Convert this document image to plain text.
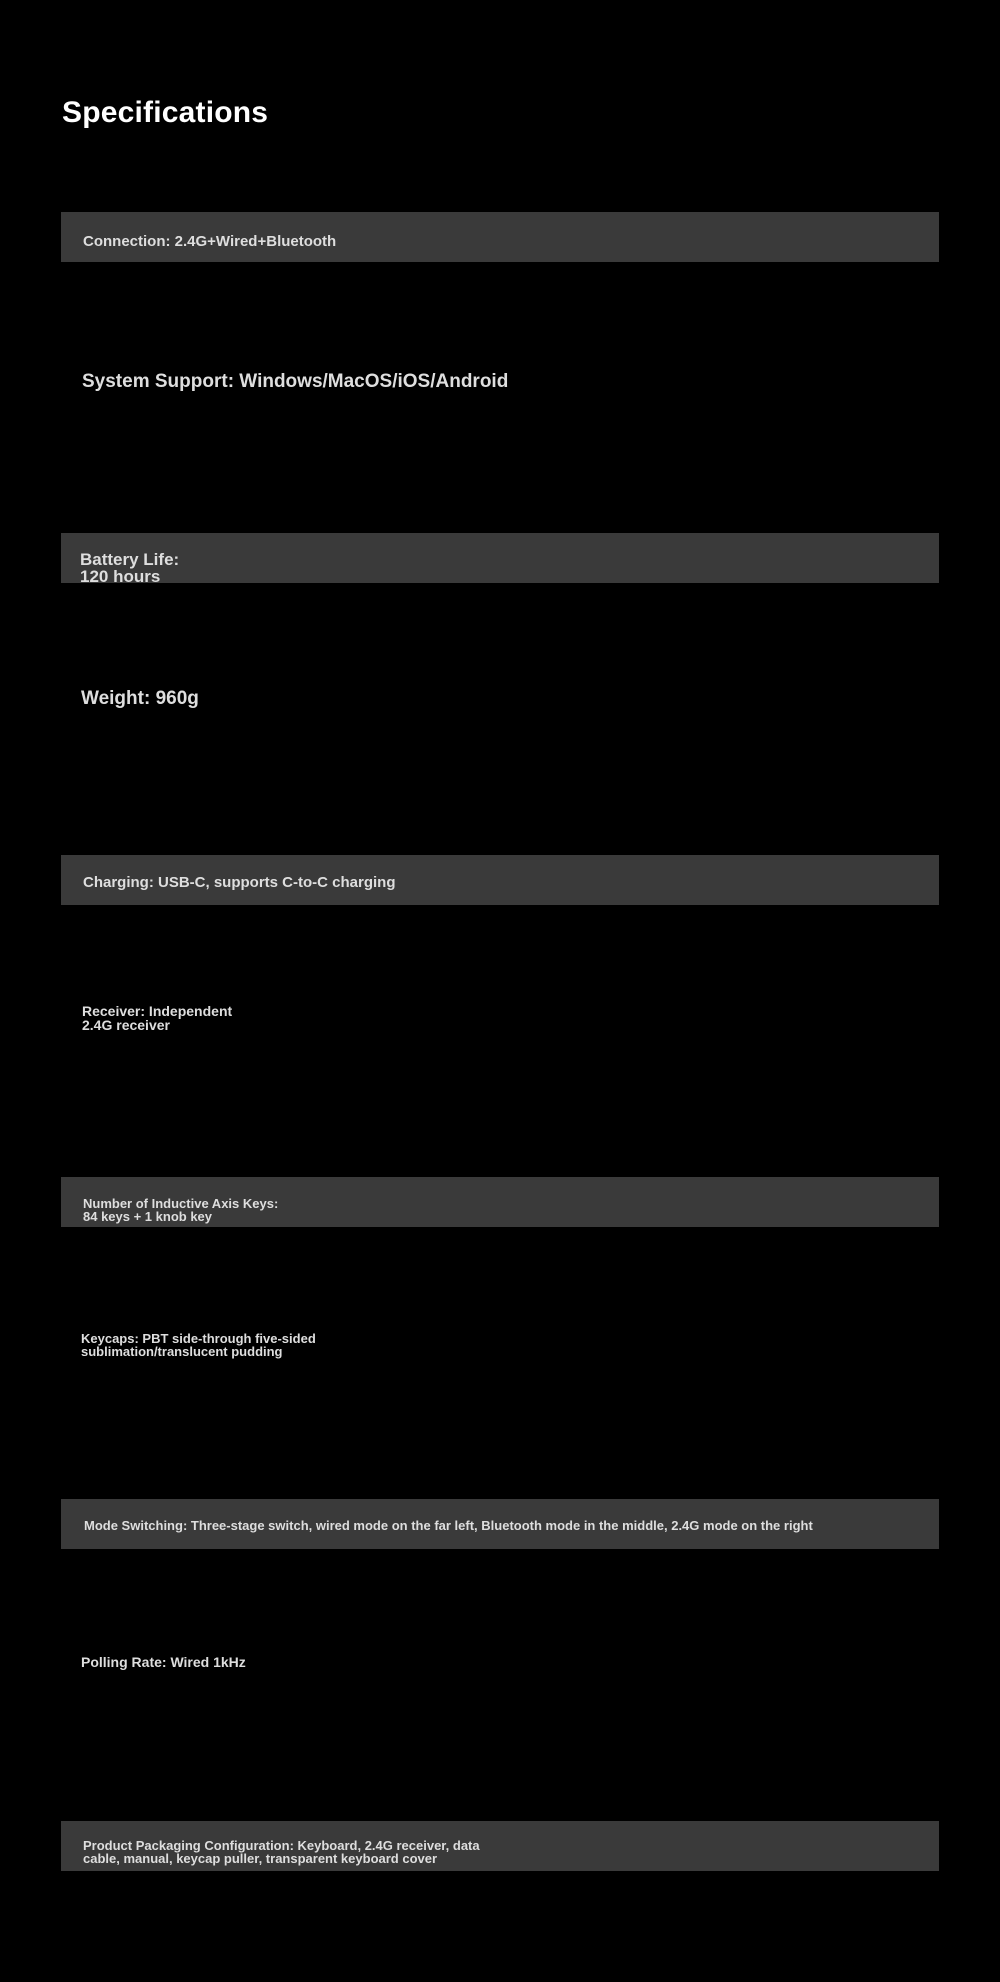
Specifications
Connection: 2.4G+Wired+Bluetooth
System Support: Windows/MacOS/iOS/Android
Battery Life:
120 hours
Weight: 960g
Charging: USB-C, supports C-to-C charging
Receiver: Independent
2.4G receiver
Number of Inductive Axis Keys:
84 keys + 1 knob key
Keycaps: PBT side-through five-sided
sublimation/translucent pudding
Mode Switching: Three-stage switch, wired mode on the far left, Bluetooth mode in the middle, 2.4G mode on the right
Polling Rate: Wired 1kHz
Product Packaging Configuration: Keyboard, 2.4G receiver, data
cable, manual, keycap puller, transparent keyboard cover
